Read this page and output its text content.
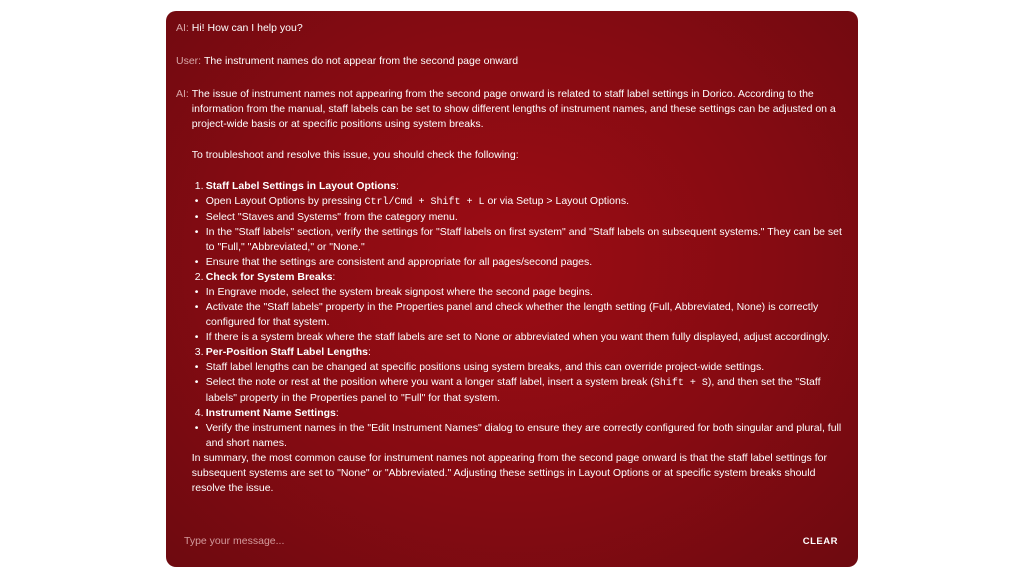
AI: Hi! How can I help you?
User: The instrument names do not appear from the second page onward
AI: The issue of instrument names not appearing from the second page onward is related to staff label settings in Dorico. According to the information from the manual, staff labels can be set to show different lengths of instrument names, and these settings can be adjusted on a project-wide basis or at specific positions using system breaks.

To troubleshoot and resolve this issue, you should check the following:

1. Staff Label Settings in Layout Options:
• Open Layout Options by pressing Ctrl/Cmd + Shift + L or via Setup > Layout Options.
• Select "Staves and Systems" from the category menu.
• In the "Staff labels" section, verify the settings for "Staff labels on first system" and "Staff labels on subsequent systems." They can be set to "Full," "Abbreviated," or "None."
• Ensure that the settings are consistent and appropriate for all pages/second pages.
2. Check for System Breaks:
• In Engrave mode, select the system break signpost where the second page begins.
• Activate the "Staff labels" property in the Properties panel and check whether the length setting (Full, Abbreviated, None) is correctly configured for that system.
• If there is a system break where the staff labels are set to None or abbreviated when you want them fully displayed, adjust accordingly.
3. Per-Position Staff Label Lengths:
• Staff label lengths can be changed at specific positions using system breaks, and this can override project-wide settings.
• Select the note or rest at the position where you want a longer staff label, insert a system break (Shift + S), and then set the "Staff labels" property in the Properties panel to "Full" for that system.
4. Instrument Name Settings:
• Verify the instrument names in the "Edit Instrument Names" dialog to ensure they are correctly configured for both singular and plural, full and short names.

In summary, the most common cause for instrument names not appearing from the second page onward is that the staff label settings for subsequent systems are set to "None" or "Abbreviated." Adjusting these settings in Layout Options or at specific system breaks should resolve the issue.

Type your message...
CLEAR
